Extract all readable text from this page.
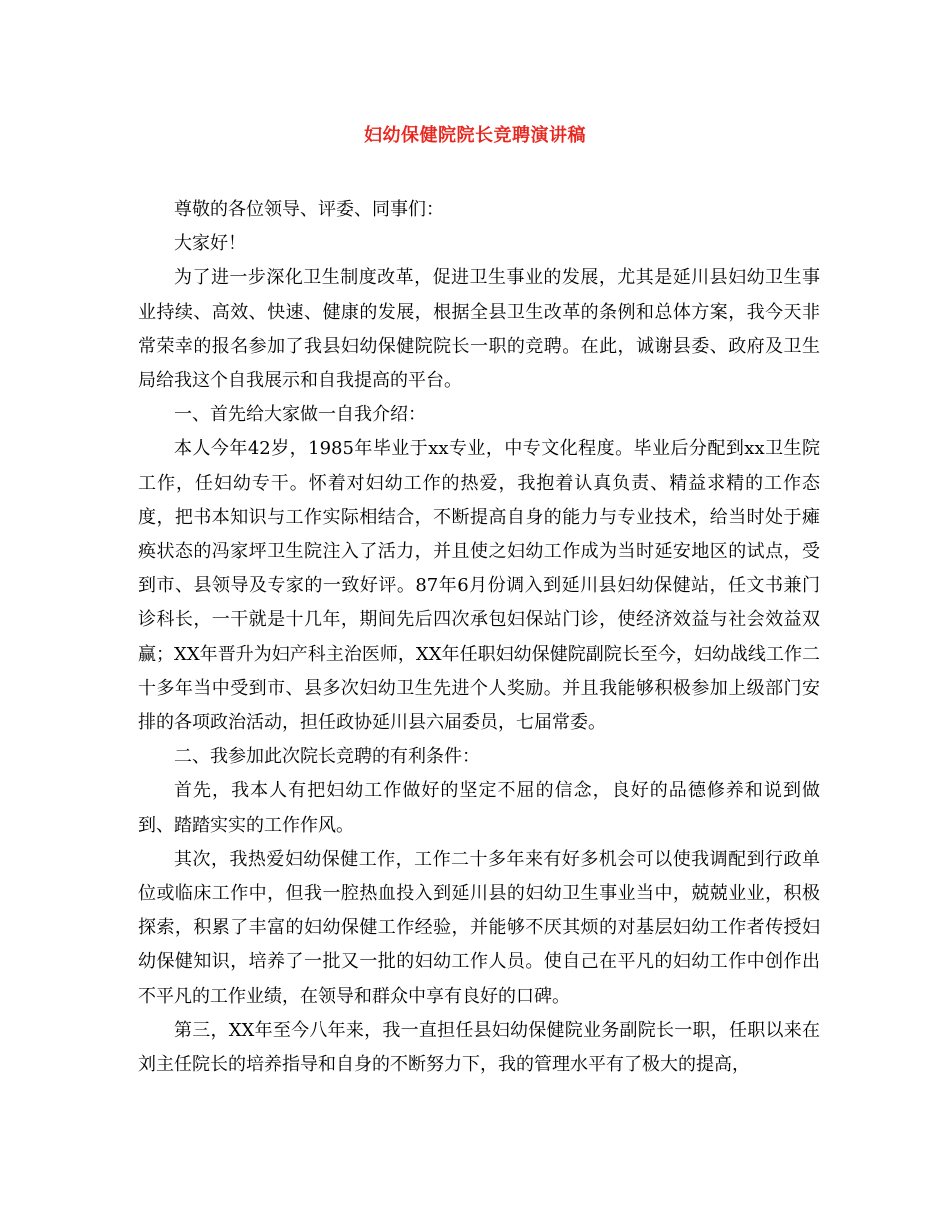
妇幼保健院院长竞聘演讲稿

尊敬的各位领导、评委、同事们：

大家好！

为了进一步深化卫生制度改革，促进卫生事业的发展，尤其是延川县妇幼卫生事业持续、高效、快速、健康的发展，根据全县卫生改革的条例和总体方案，我今天非常荣幸的报名参加了我县妇幼保健院院长一职的竞聘。在此，诚谢县委、政府及卫生局给我这个自我展示和自我提高的平台。

一、首先给大家做一自我介绍：

本人今年42岁，1985年毕业于xx专业，中专文化程度。毕业后分配到xx卫生院工作，任妇幼专干。怀着对妇幼工作的热爱，我抱着认真负责、精益求精的工作态度，把书本知识与工作实际相结合，不断提高自身的能力与专业技术，给当时处于瘫痪状态的冯家坪卫生院注入了活力，并且使之妇幼工作成为当时延安地区的试点，受到市、县领导及专家的一致好评。87年6月份调入到延川县妇幼保健站，任文书兼门诊科长，一干就是十几年，期间先后四次承包妇保站门诊，使经济效益与社会效益双赢；XX年晋升为妇产科主治医师，XX年任职妇幼保健院副院长至今，妇幼战线工作二十多年当中受到市、县多次妇幼卫生先进个人奖励。并且我能够积极参加上级部门安排的各项政治活动，担任政协延川县六届委员，七届常委。

二、我参加此次院长竞聘的有利条件：

首先，我本人有把妇幼工作做好的坚定不屈的信念，良好的品德修养和说到做到、踏踏实实的工作作风。

其次，我热爱妇幼保健工作，工作二十多年来有好多机会可以使我调配到行政单位或临床工作中，但我一腔热血投入到延川县的妇幼卫生事业当中，兢兢业业，积极探索，积累了丰富的妇幼保健工作经验，并能够不厌其烦的对基层妇幼工作者传授妇幼保健知识，培养了一批又一批的妇幼工作人员。使自己在平凡的妇幼工作中创作出不平凡的工作业绩，在领导和群众中享有良好的口碑。

第三，XX年至今八年来，我一直担任县妇幼保健院业务副院长一职，任职以来在刘主任院长的培养指导和自身的不断努力下，我的管理水平有了极大的提高，
